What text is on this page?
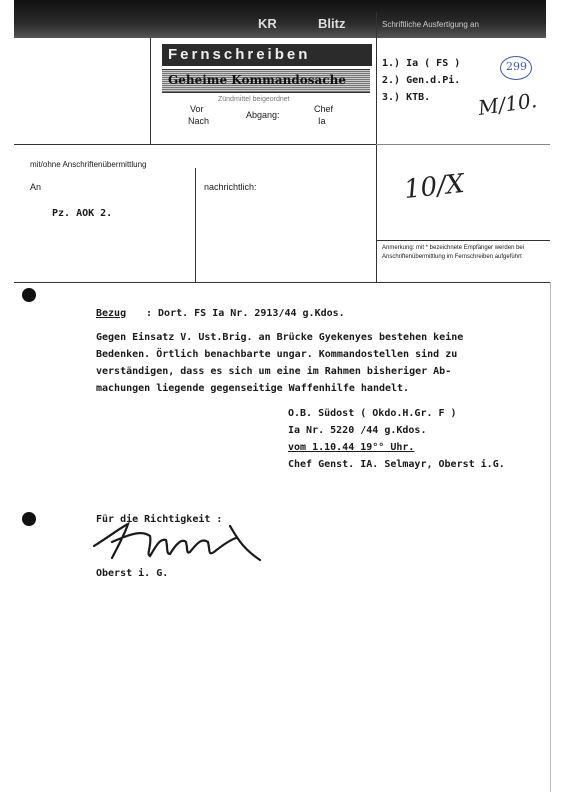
KR	Blitz
Fernschreiben
Geheime Kommandosache
Zündmittel beigeordnet
Vor
Nach
Abgang:
Chef
Ia
Schriftliche Ausfertigung an
1.) Ia ( FS )
2.) Gen.d.Pi.
3.) KTB.
299
M/10.
10/X
mit/ohne Anschriftenübermittlung
An
Pz. AOK 2.
nachrichtlich:
Anmerkung: mit * bezeichnete Empfänger werden bei Anschriftenübermittlung im Fernschreiben aufgeführt
Bezug : Dort. FS Ia Nr. 2913/44 g.Kdos.
Gegen Einsatz V. Ust.Brig. an Brücke Gyekenyes bestehen keine
Bedenken. Örtlich benachbarte ungar. Kommandostellen sind zu
verständigen, dass es sich um eine im Rahmen bisheriger Ab-
machungen liegende gegenseitige Waffenhilfe handelt.
O.B. Südost ( Okdo.H.Gr. F )
Ia Nr. 5220 /44 g.Kdos.
vom 1.10.44 19°° Uhr.
Chef Genst. IA. Selmayr, Oberst i.G.
Für die Richtigkeit :
Oberst i. G.
